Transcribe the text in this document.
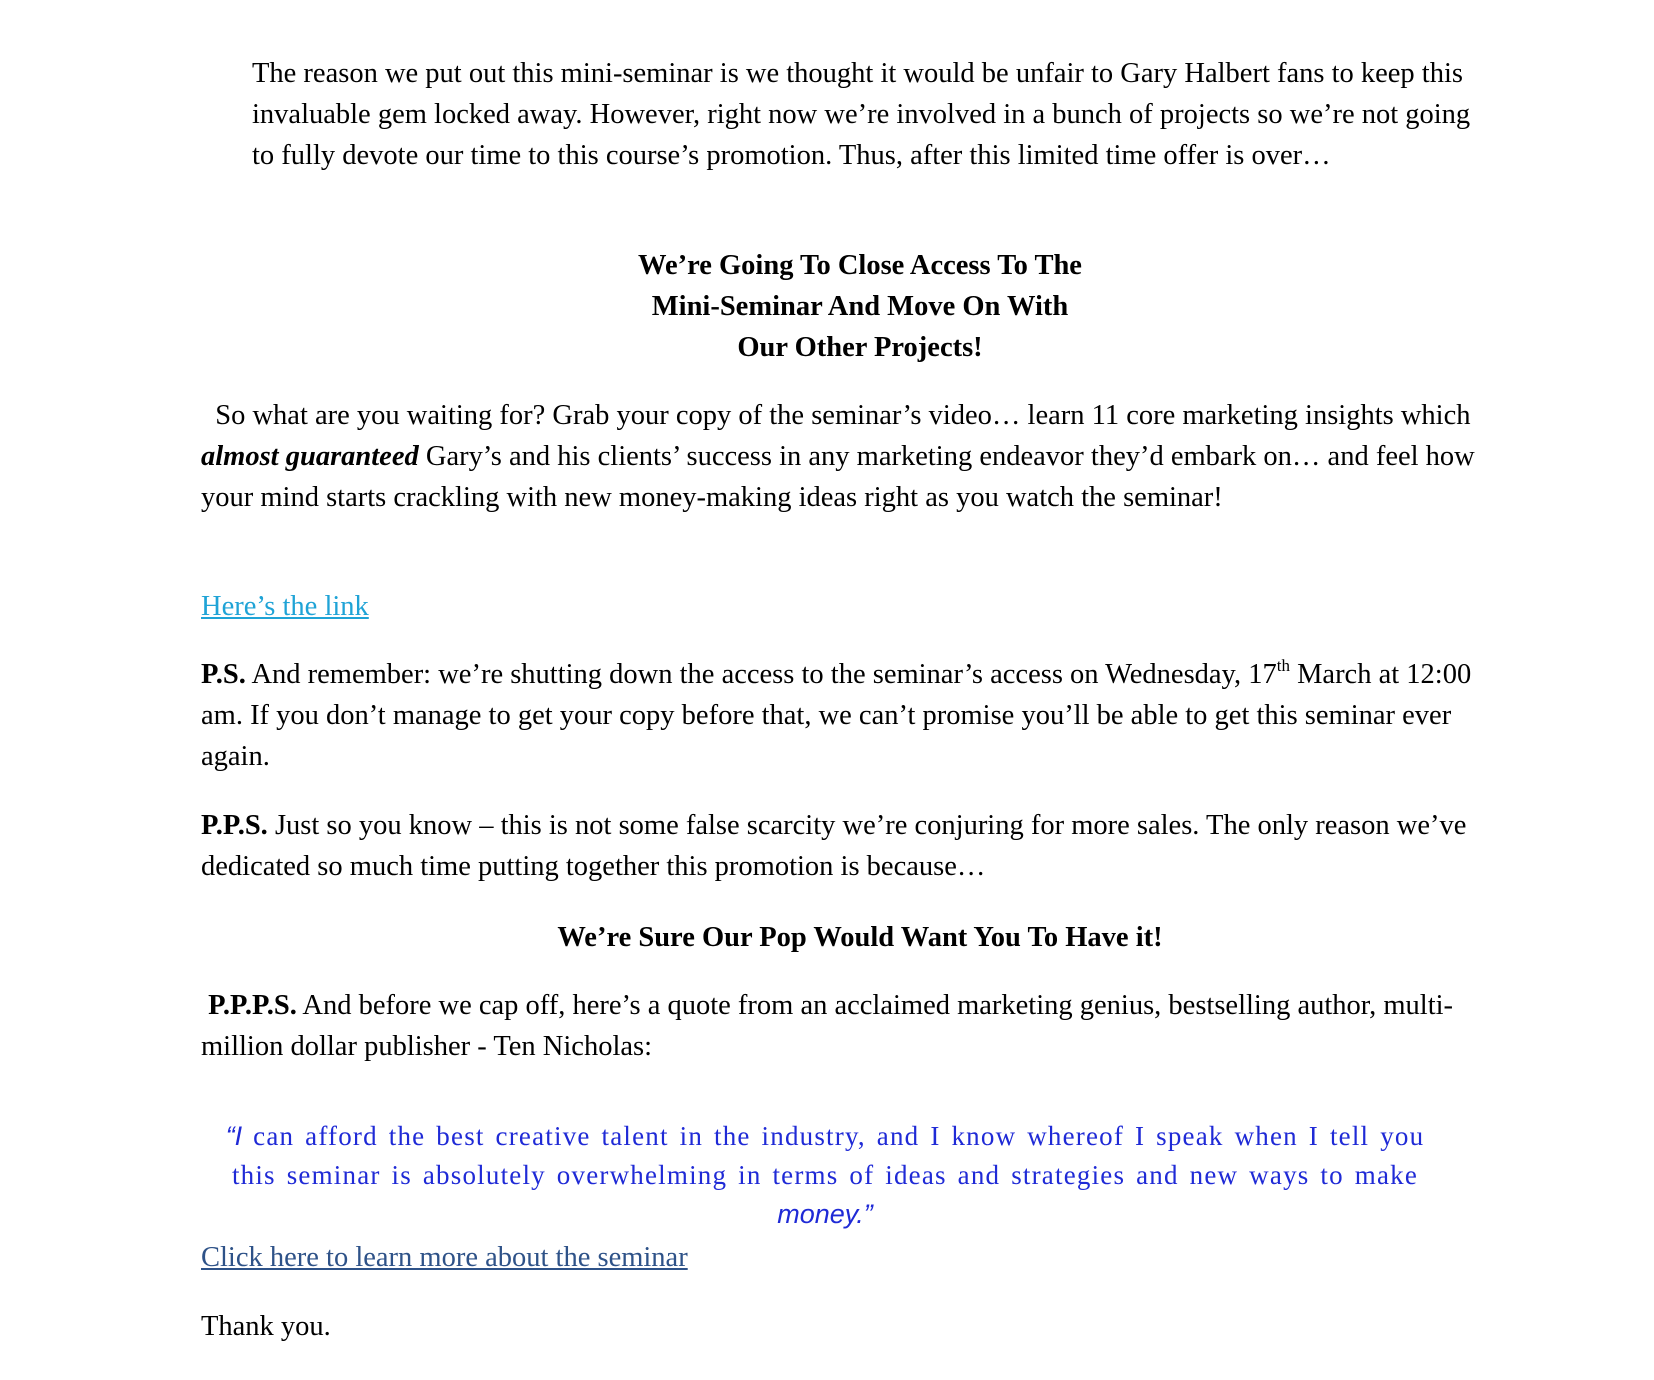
The reason we put out this mini-seminar is we thought it would be unfair to Gary Halbert fans to keep this invaluable gem locked away. However, right now we’re involved in a bunch of projects so we’re not going to fully devote our time to this course’s promotion. Thus, after this limited time offer is over…

We’re Going To Close Access To The
Mini-Seminar And Move On With
Our Other Projects!

So what are you waiting for? Grab your copy of the seminar’s video… learn 11 core marketing insights which almost guaranteed Gary’s and his clients’ success in any marketing endeavor they’d embark on… and feel how your mind starts crackling with new money-making ideas right as you watch the seminar!

Here’s the link

P.S. And remember: we’re shutting down the access to the seminar’s access on Wednesday, 17th March at 12:00 am. If you don’t manage to get your copy before that, we can’t promise you’ll be able to get this seminar ever again.

P.P.S. Just so you know – this is not some false scarcity we’re conjuring for more sales. The only reason we’ve dedicated so much time putting together this promotion is because…

We’re Sure Our Pop Would Want You To Have it!

P.P.P.S. And before we cap off, here’s a quote from an acclaimed marketing genius, bestselling author, multi-million dollar publisher - Ten Nicholas:

“I can afford the best creative talent in the industry, and I know whereof I speak when I tell you this seminar is absolutely overwhelming in terms of ideas and strategies and new ways to make money.”

Click here to learn more about the seminar

Thank you.
